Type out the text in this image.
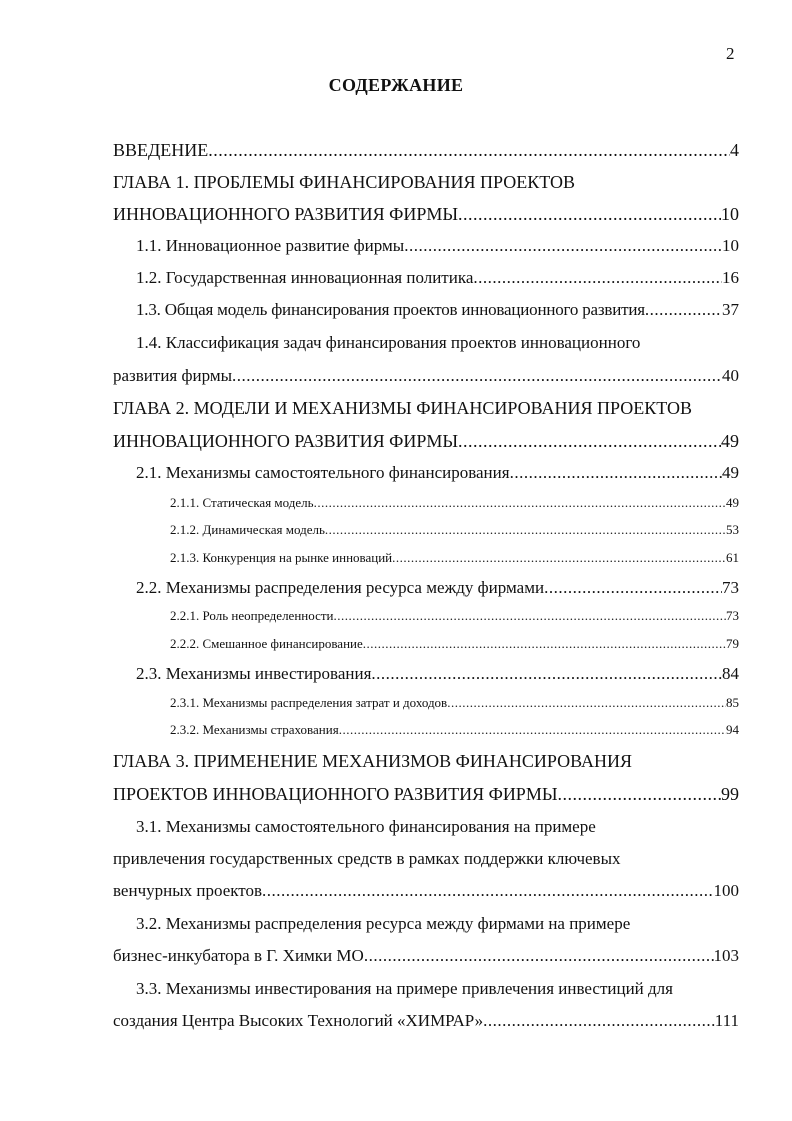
2
СОДЕРЖАНИЕ
ВВЕДЕНИЕ .....	4
ГЛАВА 1. ПРОБЛЕМЫ ФИНАНСИРОВАНИЯ ПРОЕКТОВ
ИННОВАЦИОННОГО РАЗВИТИЯ ФИРМЫ .....	10
1.1. Инновационное развитие фирмы .....	10
1.2. Государственная инновационная политика .....	16
1.3. Общая модель финансирования проектов инновационного развития .....	37
1.4. Классификация задач финансирования проектов инновационного
развития фирмы .....	40
ГЛАВА 2. МОДЕЛИ И МЕХАНИЗМЫ ФИНАНСИРОВАНИЯ ПРОЕКТОВ
ИННОВАЦИОННОГО РАЗВИТИЯ ФИРМЫ .....	49
2.1. Механизмы самостоятельного финансирования .....	49
2.1.1. Статическая модель .....	49
2.1.2. Динамическая модель .....	53
2.1.3. Конкуренция на рынке инноваций .....	61
2.2. Механизмы распределения ресурса между фирмами .....	73
2.2.1. Роль неопределенности .....	73
2.2.2. Смешанное финансирование .....	79
2.3. Механизмы инвестирования .....	84
2.3.1. Механизмы распределения затрат и доходов .....	85
2.3.2. Механизмы страхования .....	94
ГЛАВА 3. ПРИМЕНЕНИЕ МЕХАНИЗМОВ ФИНАНСИРОВАНИЯ
ПРОЕКТОВ ИННОВАЦИОННОГО РАЗВИТИЯ ФИРМЫ .....	99
3.1. Механизмы самостоятельного финансирования на примере
привлечения государственных средств в рамках поддержки ключевых
венчурных проектов .....	100
3.2. Механизмы распределения ресурса между фирмами на примере
бизнес-инкубатора в Г. Химки МО .....	103
3.3. Механизмы инвестирования на примере привлечения инвестиций для
создания Центра Высоких Технологий «ХИМРАР» .....	111
